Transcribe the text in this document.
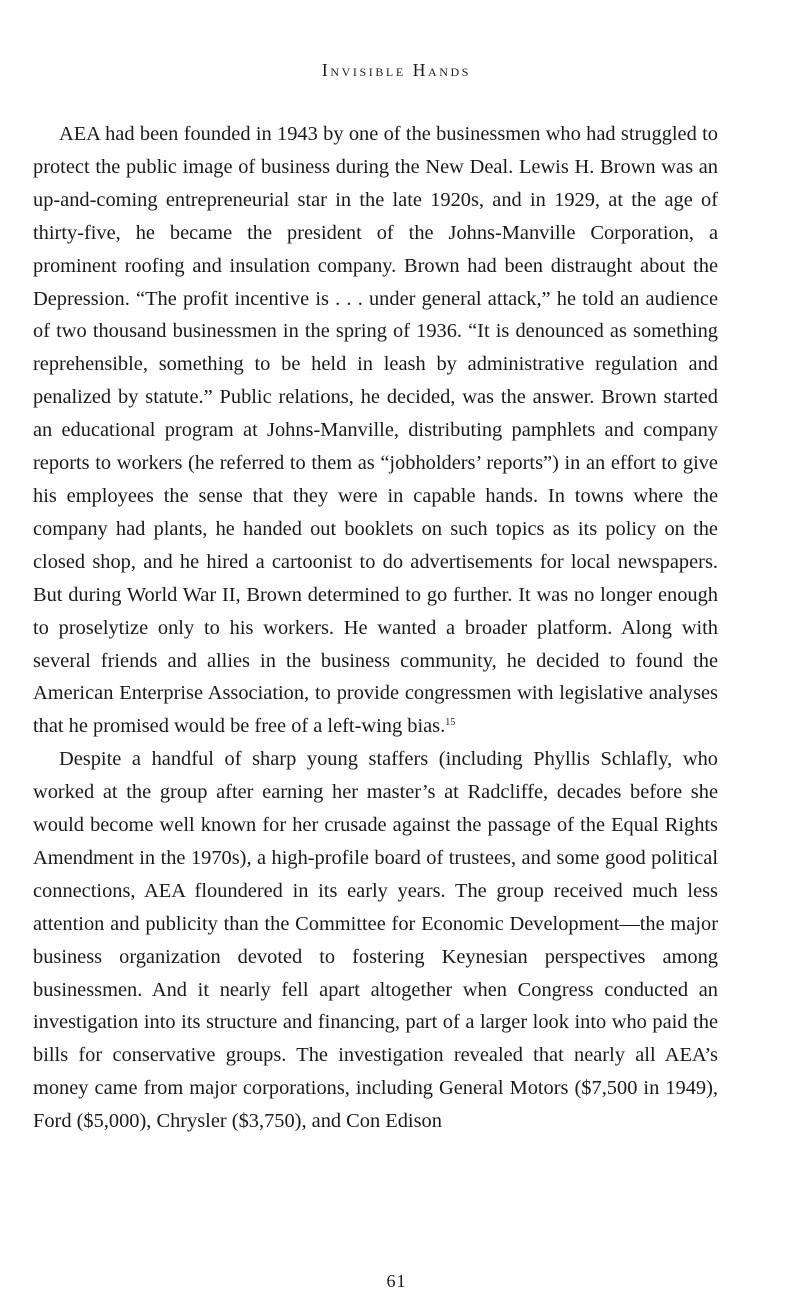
Invisible Hands

AEA had been founded in 1943 by one of the businessmen who had struggled to protect the public image of business during the New Deal. Lewis H. Brown was an up-and-coming entrepreneurial star in the late 1920s, and in 1929, at the age of thirty-five, he became the president of the Johns-Manville Corporation, a prominent roofing and insulation company. Brown had been distraught about the Depression. “The profit incentive is . . . under general attack,” he told an audience of two thousand businessmen in the spring of 1936. “It is denounced as something reprehensible, something to be held in leash by administrative regulation and penalized by statute.” Public relations, he decided, was the answer. Brown started an educational program at Johns-Manville, distributing pamphlets and company reports to workers (he referred to them as “jobholders’ reports”) in an effort to give his employees the sense that they were in capable hands. In towns where the company had plants, he handed out booklets on such topics as its policy on the closed shop, and he hired a cartoonist to do advertisements for local newspapers. But during World War II, Brown determined to go further. It was no longer enough to proselytize only to his workers. He wanted a broader platform. Along with several friends and allies in the business community, he decided to found the American Enterprise Association, to provide congressmen with legislative analyses that he promised would be free of a left-wing bias.$^{15}$

Despite a handful of sharp young staffers (including Phyllis Schlafly, who worked at the group after earning her master’s at Radcliffe, decades before she would become well known for her crusade against the passage of the Equal Rights Amendment in the 1970s), a high-profile board of trustees, and some good political connections, AEA floundered in its early years. The group received much less attention and publicity than the Committee for Economic Development—the major business organization devoted to fostering Keynesian perspectives among businessmen. And it nearly fell apart altogether when Congress conducted an investigation into its structure and financing, part of a larger look into who paid the bills for conservative groups. The investigation revealed that nearly all AEA’s money came from major corporations, including General Motors ($7,500 in 1949), Ford ($5,000), Chrysler ($3,750), and Con Edison

61
